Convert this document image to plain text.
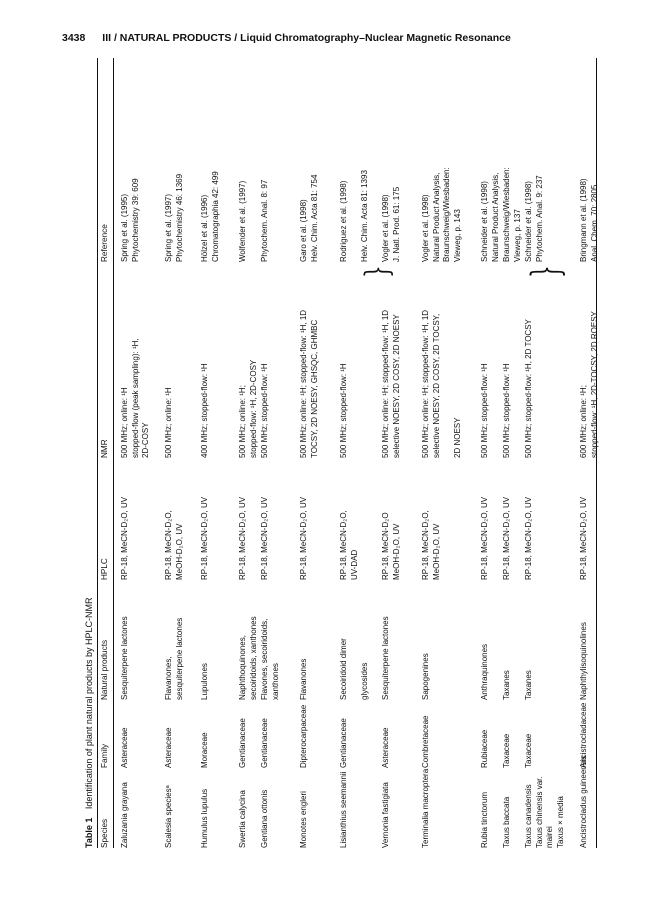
3438 III / NATURAL PRODUCTS / Liquid Chromatography–Nuclear Magnetic Resonance
Table 1 Identification of plant natural products by HPLC-NMR
Species
Family
Natural products
HPLC
NMR
Reference
Zaluzania grayana
Asteraceae
Sesquiterpene lactones
RP-18, MeCN-D₂O, UV
500 MHz; online: ¹H stopped-flow (peak sampling): ¹H, 2D-COSY
Spring et al. (1995) Phytochemistry 39: 609
Scalesia speciesᵃ
Asteraceae
Flavanones, sesquiterpene lactones
RP-18, MeCN-D₂O, MeOH-D₂O, UV
500 MHz; online: ¹H
Spring et al. (1997) Phytochemistry 46: 1369
Humulus lupulus
Moraceae
Lupulones
RP-18, MeCN-D₂O, UV
400 MHz; stopped-flow: ¹H
Hölzel et al. (1996) Chromatographia 42: 499
Swertia calycina
Gentianaceae
Naphthoquinones, secoiridoids, xanthones
RP-18, MeCN-D₂O, UV
500 MHz; online: ¹H; stopped-flow: ¹H, 2D-COSY
Wolfender et al. (1997)
Gentiana ottonis
Gentianaceae
Flavones, secoiridoids, xanthones
RP-18, MeCN-D₂O, UV
500 MHz; stopped-flow: ¹H
Phytochem. Anal. 8: 97
Monotes engleri
Dipterocarpaceae
Flavanones
RP-18, MeCN-D₂O, UV
500 MHz; online: ¹H; stopped-flow: ¹H, 1D TOCSY, 2D NOESY, GHSQC, GHMBC
Garo et al. (1998) Helv. Chim. Acta 81: 754
Lisianthius seemannii
Gentianaceae
Secoiridoid dimer
glycosides
RP-18, MeCN-D₂O, UV-DAD
500 MHz; stopped-flow: ¹H
Rodriguez et al. (1998)
Helv. Chim. Acta 81: 1393
Vernonia fastigiata
Asteraceae
Sesquiterpene lactones
RP-18, MeCN-D₂O MeOH-D₂O, UV
500 MHz; online: ¹H; stopped-flow: ¹H, 1D selective NOESY, 2D COSY, 2D NOESY
Vogler et al. (1998) J. Natl. Prod. 61: 175
Terminalia macroptera
Combretaceae
Sapogenines
RP-18, MeCN-D₂O, MeOH-D₂O, UV
500 MHz; online: ¹H; stopped-flow: ¹H, 1D selective NOESY, 2D COSY, 2D TOCSY,
2D NOESY
Vogler et al. (1998) Natural Product Analysis, Braunschweig/Wiesbaden: Vieweg, p. 143
Rubia tinctorum
Rubiaceae
Anthraquinones
RP-18, MeCN-D₂O, UV
500 MHz; stopped-flow: ¹H
Schneider et al. (1998) Natural Product Analysis,
Taxus baccata
Taxaceae
Taxanes
RP-18, MeCN-D₂O, UV
500 MHz; stopped-flow: ¹H
Braunschweig/Wiesbaden: Vieweg, p. 137
Taxus canadensis Taxus chinensis var. mairei Taxus × media
Taxaceae
Taxanes
RP-18, MeCN-D₂O, UV
500 MHz; stopped-flow: ¹H, 2D TOCSY
Schneider et al. (1998) Phytochem. Anal. 9: 237
Ancistrocladus guineensis
Ancistrocladaceae
Naphthylisoquinolines
RP-18, MeCN-D₂O, UV
600 MHz; online: ¹H; stopped-flow: ¹H, 2D-TOCSY, 2D ROESY
Bringmann et al. (1998) Anal. Chem. 70: 2805
}	}
